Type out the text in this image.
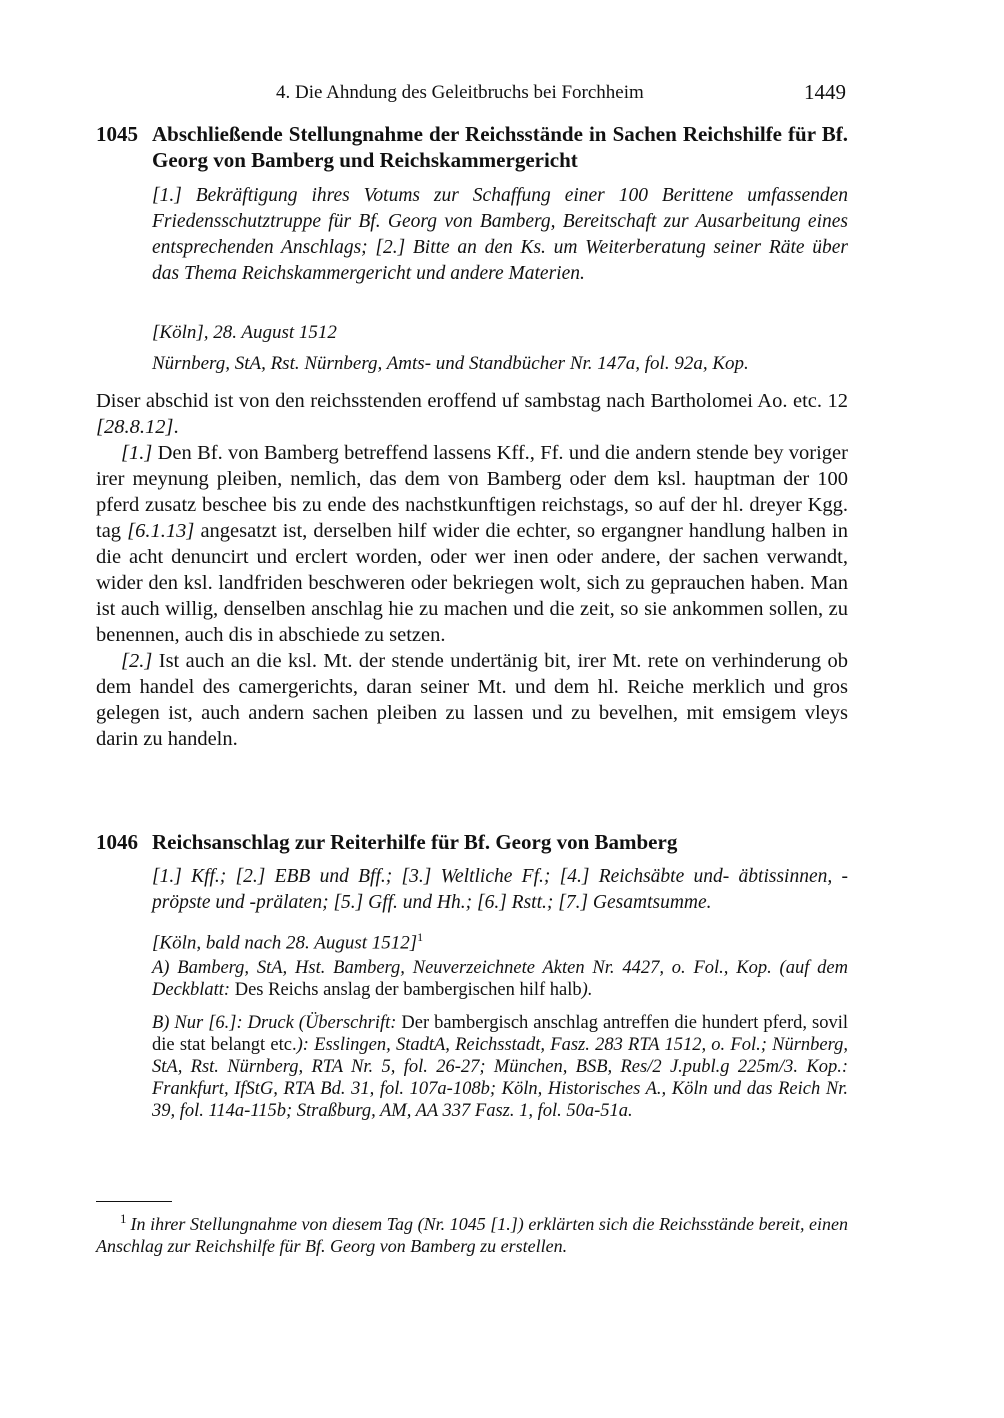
4. Die Ahndung des Geleitbruchs bei Forchheim	1449
1045 Abschließende Stellungnahme der Reichsstände in Sachen Reichshilfe für Bf. Georg von Bamberg und Reichskammergericht
[1.] Bekräftigung ihres Votums zur Schaffung einer 100 Berittene umfassenden Friedensschutztruppe für Bf. Georg von Bamberg, Bereitschaft zur Ausarbeitung eines entsprechenden Anschlags; [2.] Bitte an den Ks. um Weiterberatung seiner Räte über das Thema Reichskammergericht und andere Materien.
[Köln], 28. August 1512
Nürnberg, StA, Rst. Nürnberg, Amts- und Standbücher Nr. 147a, fol. 92a, Kop.

Diser abschid ist von den reichsstenden eroffend uf sambstag nach Bartholomei Ao. etc. 12 [28.8.12].

[1.] Den Bf. von Bamberg betreffend lassens Kff., Ff. und die andern stende bey voriger irer meynung pleiben, nemlich, das dem von Bamberg oder dem ksl. hauptman der 100 pferd zusatz beschee bis zu ende des nachstkunftigen reichstags, so auf der hl. dreyer Kgg. tag [6.1.13] angesatzt ist, derselben hilf wider die echter, so ergangner handlung halben in die acht denuncirt und erclert worden, oder wer inen oder andere, der sachen verwandt, wider den ksl. landfriden beschweren oder bekriegen wolt, sich zu geprauchen haben. Man ist auch willig, denselben anschlag hie zu machen und die zeit, so sie ankommen sollen, zu benennen, auch dis in abschiede zu setzen.

[2.] Ist auch an die ksl. Mt. der stende undertänig bit, irer Mt. rete on verhinderung ob dem handel des camergerichts, daran seiner Mt. und dem hl. Reiche merklich und gros gelegen ist, auch andern sachen pleiben zu lassen und zu bevelhen, mit emsigem vleys darin zu handeln.

1046 Reichsanschlag zur Reiterhilfe für Bf. Georg von Bamberg
[1.] Kff.; [2.] EBB und Bff.; [3.] Weltliche Ff.; [4.] Reichsäbte und- äbtissinnen, -pröpste und -prälaten; [5.] Gff. und Hh.; [6.] Rstt.; [7.] Gesamtsumme.
[Köln, bald nach 28. August 1512]$^1$
A) Bamberg, StA, Hst. Bamberg, Neuverzeichnete Akten Nr. 4427, o. Fol., Kop. (auf dem Deckblatt: Des Reichs anslag der bambergischen hilf halb).
B) Nur [6.]: Druck (Überschrift: Der bambergisch anschlag antreffen die hundert pferd, sovil die stat belangt etc.): Esslingen, StadtA, Reichsstadt, Fasz. 283 RTA 1512, o. Fol.; Nürnberg, StA, Rst. Nürnberg, RTA Nr. 5, fol. 26-27; München, BSB, Res/2 J.publ.g 225m/3. Kop.: Frankfurt, IfStG, RTA Bd. 31, fol. 107a-108b; Köln, Historisches A., Köln und das Reich Nr. 39, fol. 114a-115b; Straßburg, AM, AA 337 Fasz. 1, fol. 50a-51a.
$^1$ In ihrer Stellungnahme von diesem Tag (Nr. 1045 [1.]) erklärten sich die Reichsstände bereit, einen Anschlag zur Reichshilfe für Bf. Georg von Bamberg zu erstellen.
